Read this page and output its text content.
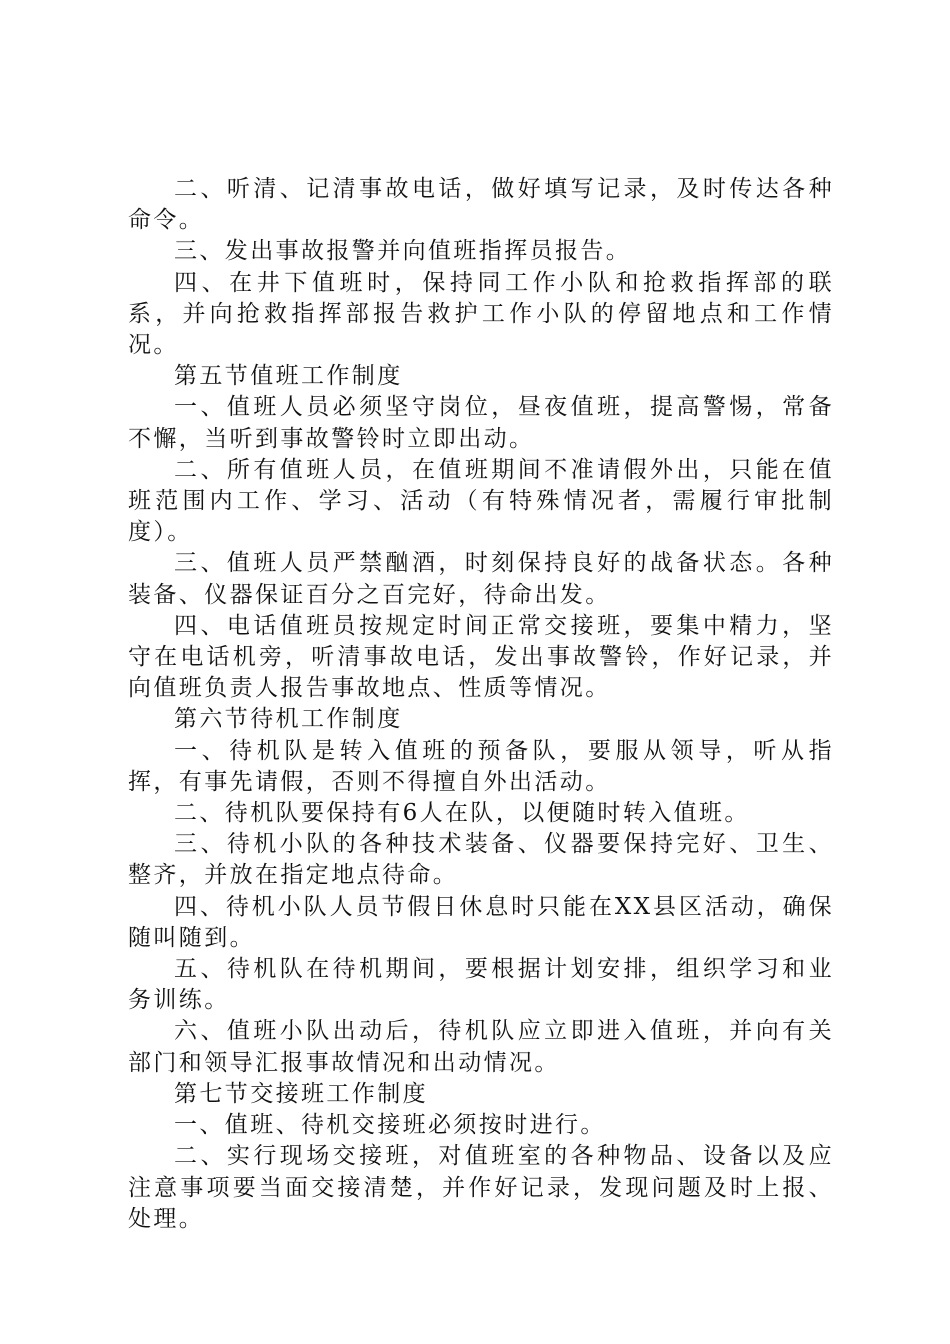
二、听清、记清事故电话，做好填写记录，及时传达各种命令。

三、发出事故报警并向值班指挥员报告。

四、在井下值班时，保持同工作小队和抢救指挥部的联系，并向抢救指挥部报告救护工作小队的停留地点和工作情况。

第五节值班工作制度

一、值班人员必须坚守岗位，昼夜值班，提高警惕，常备不懈，当听到事故警铃时立即出动。

二、所有值班人员，在值班期间不准请假外出，只能在值班范围内工作、学习、活动（有特殊情况者，需履行审批制度）。

三、值班人员严禁酗酒，时刻保持良好的战备状态。各种装备、仪器保证百分之百完好，待命出发。

四、电话值班员按规定时间正常交接班，要集中精力，坚守在电话机旁，听清事故电话，发出事故警铃，作好记录，并向值班负责人报告事故地点、性质等情况。

第六节待机工作制度

一、待机队是转入值班的预备队，要服从领导，听从指挥，有事先请假，否则不得擅自外出活动。

二、待机队要保持有6人在队，以便随时转入值班。

三、待机小队的各种技术装备、仪器要保持完好、卫生、整齐，并放在指定地点待命。

四、待机小队人员节假日休息时只能在XX县区活动，确保随叫随到。

五、待机队在待机期间，要根据计划安排，组织学习和业务训练。

六、值班小队出动后，待机队应立即进入值班，并向有关部门和领导汇报事故情况和出动情况。

第七节交接班工作制度

一、值班、待机交接班必须按时进行。

二、实行现场交接班，对值班室的各种物品、设备以及应注意事项要当面交接清楚，并作好记录，发现问题及时上报、处理。
